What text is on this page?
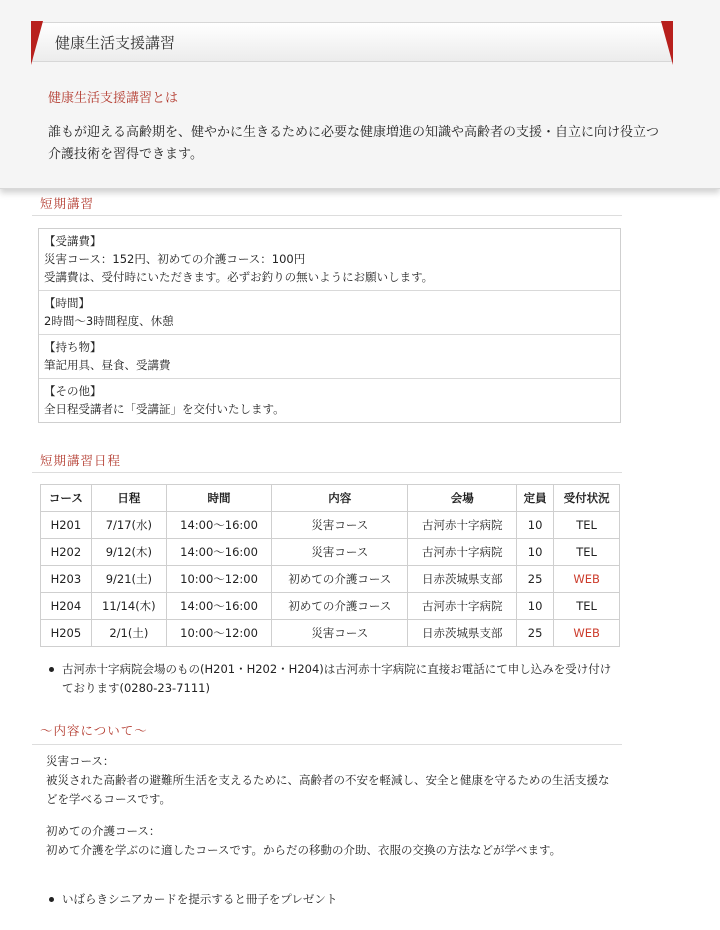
健康生活支援講習
健康生活支援講習とは
誰もが迎える高齢期を、健やかに生きるために必要な健康増進の知識や高齢者の支援・自立に向け役立つ介護技術を習得できます。
短期講習
【受講費】
災害コース：152円、初めての介護コース：100円
受講費は、受付時にいただきます。必ずお釣りの無いようにお願いします。
【時間】
2時間～3時間程度、休憩
【持ち物】
筆記用具、昼食、受講費
【その他】
全日程受講者に「受講証」を交付いたします。
短期講習日程
コース	日程	時間	内容	会場	定員	受付状況
H201	7/17(水)	14:00～16:00	災害コース	古河赤十字病院	10	TEL
H202	9/12(木)	14:00～16:00	災害コース	古河赤十字病院	10	TEL
H203	9/21(土)	10:00～12:00	初めての介護コース	日赤茨城県支部	25	WEB
H204	11/14(木)	14:00～16:00	初めての介護コース	古河赤十字病院	10	TEL
H205	2/1(土)	10:00～12:00	災害コース	日赤茨城県支部	25	WEB
古河赤十字病院会場のもの(H201・H202・H204)は古河赤十字病院に直接お電話にて申し込みを受け付けております(0280-23-7111)
～内容について～
災害コース：
被災された高齢者の避難所生活を支えるために、高齢者の不安を軽減し、安全と健康を守るための生活支援などを学べるコースです。
初めての介護コース：
初めて介護を学ぶのに適したコースです。からだの移動の介助、衣服の交換の方法などが学べます。
いばらきシニアカードを提示すると冊子をプレゼント
